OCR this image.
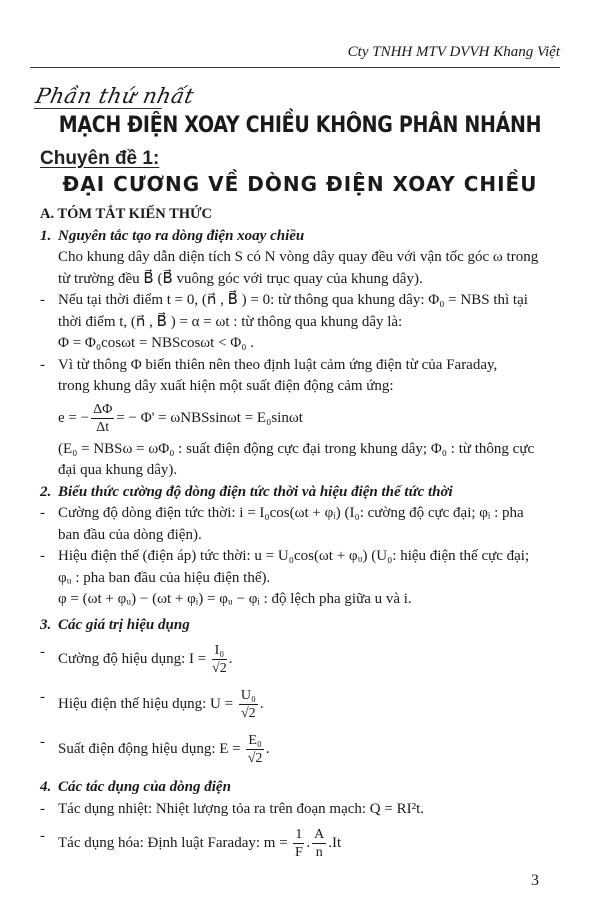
Cty TNHH MTV DVVH Khang Việt
Phần thứ nhất
MẠCH ĐIỆN XOAY CHIỀU KHÔNG PHÂN NHÁNH
Chuyên đề 1:
ĐẠI CƯƠNG VỀ DÒNG ĐIỆN XOAY CHIỀU

A. TÓM TẮT KIẾN THỨC

1. Nguyên tắc tạo ra dòng điện xoay chiều

Cho khung dây dẫn diện tích S có N vòng dây quay đều với vận tốc góc ω trong

từ trường đều B⃗ (B⃗ vuông góc với trục quay của khung dây).

- Nếu tại thời điểm t = 0, (n⃗ , B⃗ ) = 0: từ thông qua khung dây: Φ₀ = NBS thì tại

thời điểm t, (n⃗ , B⃗ ) = α = ωt : từ thông qua khung dây là:

Φ = Φ₀cosωt = NBScosωt < Φ₀ .

- Vì từ thông Φ biến thiên nên theo định luật cảm ứng điện từ của Faraday,

trong khung dây xuất hiện một suất điện động cảm ứng:

e = − $\frac{\Delta\Phi}{\Delta t}$ = − Φ' = ωNBSsinωt = E₀sinωt

(E₀ = NBSω = ωΦ₀ : suất điện động cực đại trong khung dây; Φ₀ : từ thông cực

đại qua khung dây).

2. Biểu thức cường độ dòng điện tức thời và hiệu điện thế tức thời

- Cường độ dòng điện tức thời: i = I₀cos(ωt + φᵢ) (I₀: cường độ cực đại; φᵢ : pha

ban đầu của dòng điện).

- Hiệu điện thế (điện áp) tức thời: u = U₀cos(ωt + φᵤ) (U₀: hiệu điện thế cực đại;

φᵤ : pha ban đầu của hiệu điện thế).

φ = (ωt + φᵤ) − (ωt + φᵢ) = φᵤ − φᵢ : độ lệch pha giữa u và i.

3. Các giá trị hiệu dụng

- Cường độ hiệu dụng: $I = \frac{\text{I₀}}{√2}$ .

- Hiệu điện thế hiệu dụng: $U = \frac{\text{U₀}}{√2}$ .

- Suất điện động hiệu dụng: $E = \frac{\text{E₀}}{√2}$ .

4. Các tác dụng của dòng điện

- Tác dụng nhiệt: Nhiệt lượng tỏa ra trên đoạn mạch: Q = RI²t.

- Tác dụng hóa: Định luật Faraday: $m = \frac{1}{F}$ . $\frac{A}{n} .It$

3
